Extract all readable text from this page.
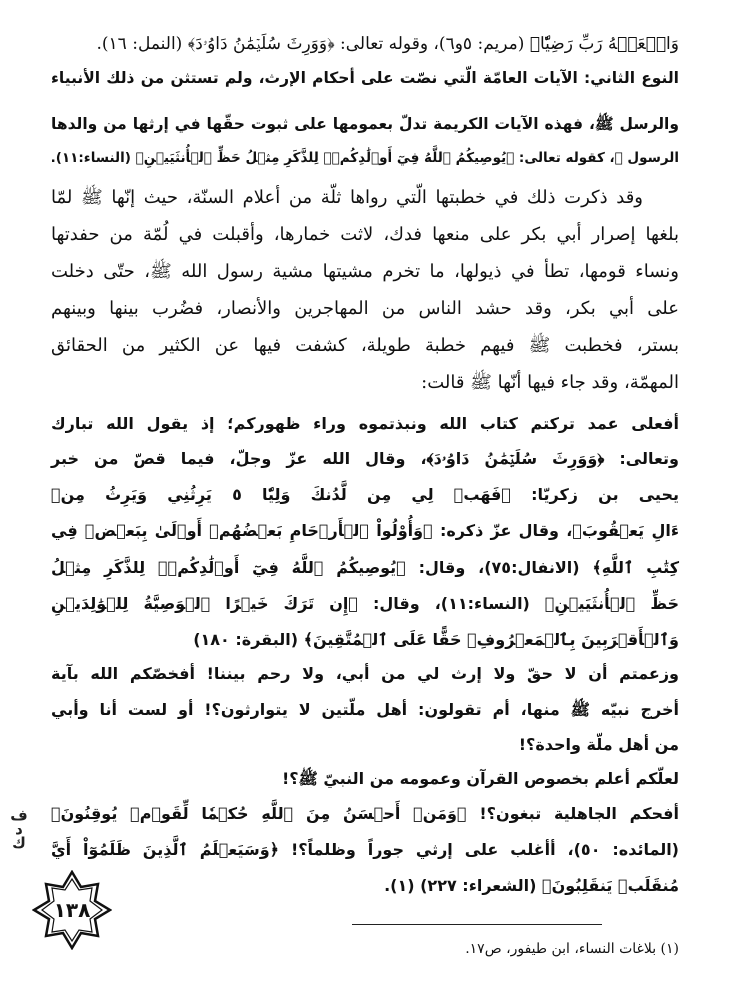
وَاجۡعَلۡهُ رَبِّ رَضِيّٗا﴾ (مريم: ٥و٦)، وقوله تعالى: ﴿وَوَرِثَ سُلَيۡمَٰنُ دَاوُۥدَ﴾ (النمل: ١٦).
النوع الثاني: الآيات العامّة الّتي نصّت على أحكام الإرث، ولم تستثن من ذلك الأنبياء
والرسل ﷺ، فهذه الآيات الكريمة تدلّ بعمومها على ثبوت حقّها في إرثها من والدها
الرسول ﷺ، كقوله تعالى: ﴿يُوصِيكُمُ ٱللَّهُ فِيٓ أَوۡلَٰدِكُمۡۖ لِلذَّكَرِ مِثۡلُ حَظِّ ٱلۡأُنثَيَيۡنِ﴾ (النساء:١١).
وقد ذكرت ذلك في خطبتها الّتي رواها ثلّة من أعلام السنّة، حيث إنّها ﷺ لمّا
بلغها إصرار أبي بكر على منعها فدك، لاثت خمارها، وأقبلت في لُمّة من حفدتها
ونساء قومها، تطأ في ذيولها، ما تخرم مشيتها مشية رسول الله ﷺ، حتّى دخلت
على أبي بكر، وقد حشد الناس من المهاجرين والأنصار، فضُرب بينها وبينهم
بستر، فخطبت ﷺ فيهم خطبة طويلة، كشفت فيها عن الكثير من الحقائق
المهمّة، وقد جاء فيها أنّها ﷺ قالت:
أفعلى عمد تركتم كتاب الله ونبذتموه وراء ظهوركم؛ إذ يقول الله تبارك
وتعالى: ﴿وَوَرِثَ سُلَيۡمَٰنُ دَاوُۥدَ﴾، وقال الله عزّ وجلّ، فيما قصّ من خبر
يحيى بن زكريّا: ﴿فَهَبۡ لِي مِن لَّدُنكَ وَلِيّٗا ٥ يَرِثُنِي وَيَرِثُ مِنۡ
ءَالِ يَعۡقُوبَ﴾، وقال عزّ ذكره: ﴿وَأُوْلُواْ ٱلۡأَرۡحَامِ بَعۡضُهُمۡ أَوۡلَىٰ بِبَعۡضٖ فِي
كِتَٰبِ ٱللَّهِ﴾ (الانفال:٧٥)، وقال: ﴿يُوصِيكُمُ ٱللَّهُ فِيٓ أَوۡلَٰدِكُمۡۖ لِلذَّكَرِ مِثۡلُ
حَظِّ ٱلۡأُنثَيَيۡنِ﴾ (النساء:١١)، وقال: ﴿إِن تَرَكَ خَيۡرًا ٱلۡوَصِيَّةُ لِلۡوَٰلِدَيۡنِ
وَٱلۡأَقۡرَبِينَ بِٱلۡمَعۡرُوفِۖ حَقًّا عَلَى ٱلۡمُتَّقِينَ﴾ (البقرة: ١٨٠)
وزعمتم أن لا حقّ ولا إرث لي من أبي، ولا رحم بيننا! أفخصّكم الله بآية
أخرج نبيّه ﷺ منها، أم تقولون: أهل ملّتين لا يتوارثون؟! أو لست أنا وأبي
من أهل ملّة واحدة؟!
لعلّكم أعلم بخصوص القرآن وعمومه من النبيّ ﷺ؟!
أفحكم الجاهلية تبغون؟! ﴿وَمَنۡ أَحۡسَنُ مِنَ ٱللَّهِ حُكۡمٗا لِّقَوۡمٖ يُوقِنُونَ﴾
(المائده: ٥٠)، أأغلب على إرثي جوراً وظلماً؟! ﴿وَسَيَعۡلَمُ ٱلَّذِينَ ظَلَمُوٓاْ أَيَّ
مُنقَلَبٖ يَنقَلِبُونَ﴾ (الشعراء: ٢٢٧) (١).
ف
د
ك
١٣٨
(١) بلاغات النساء، ابن طيفور، ص١٧.
